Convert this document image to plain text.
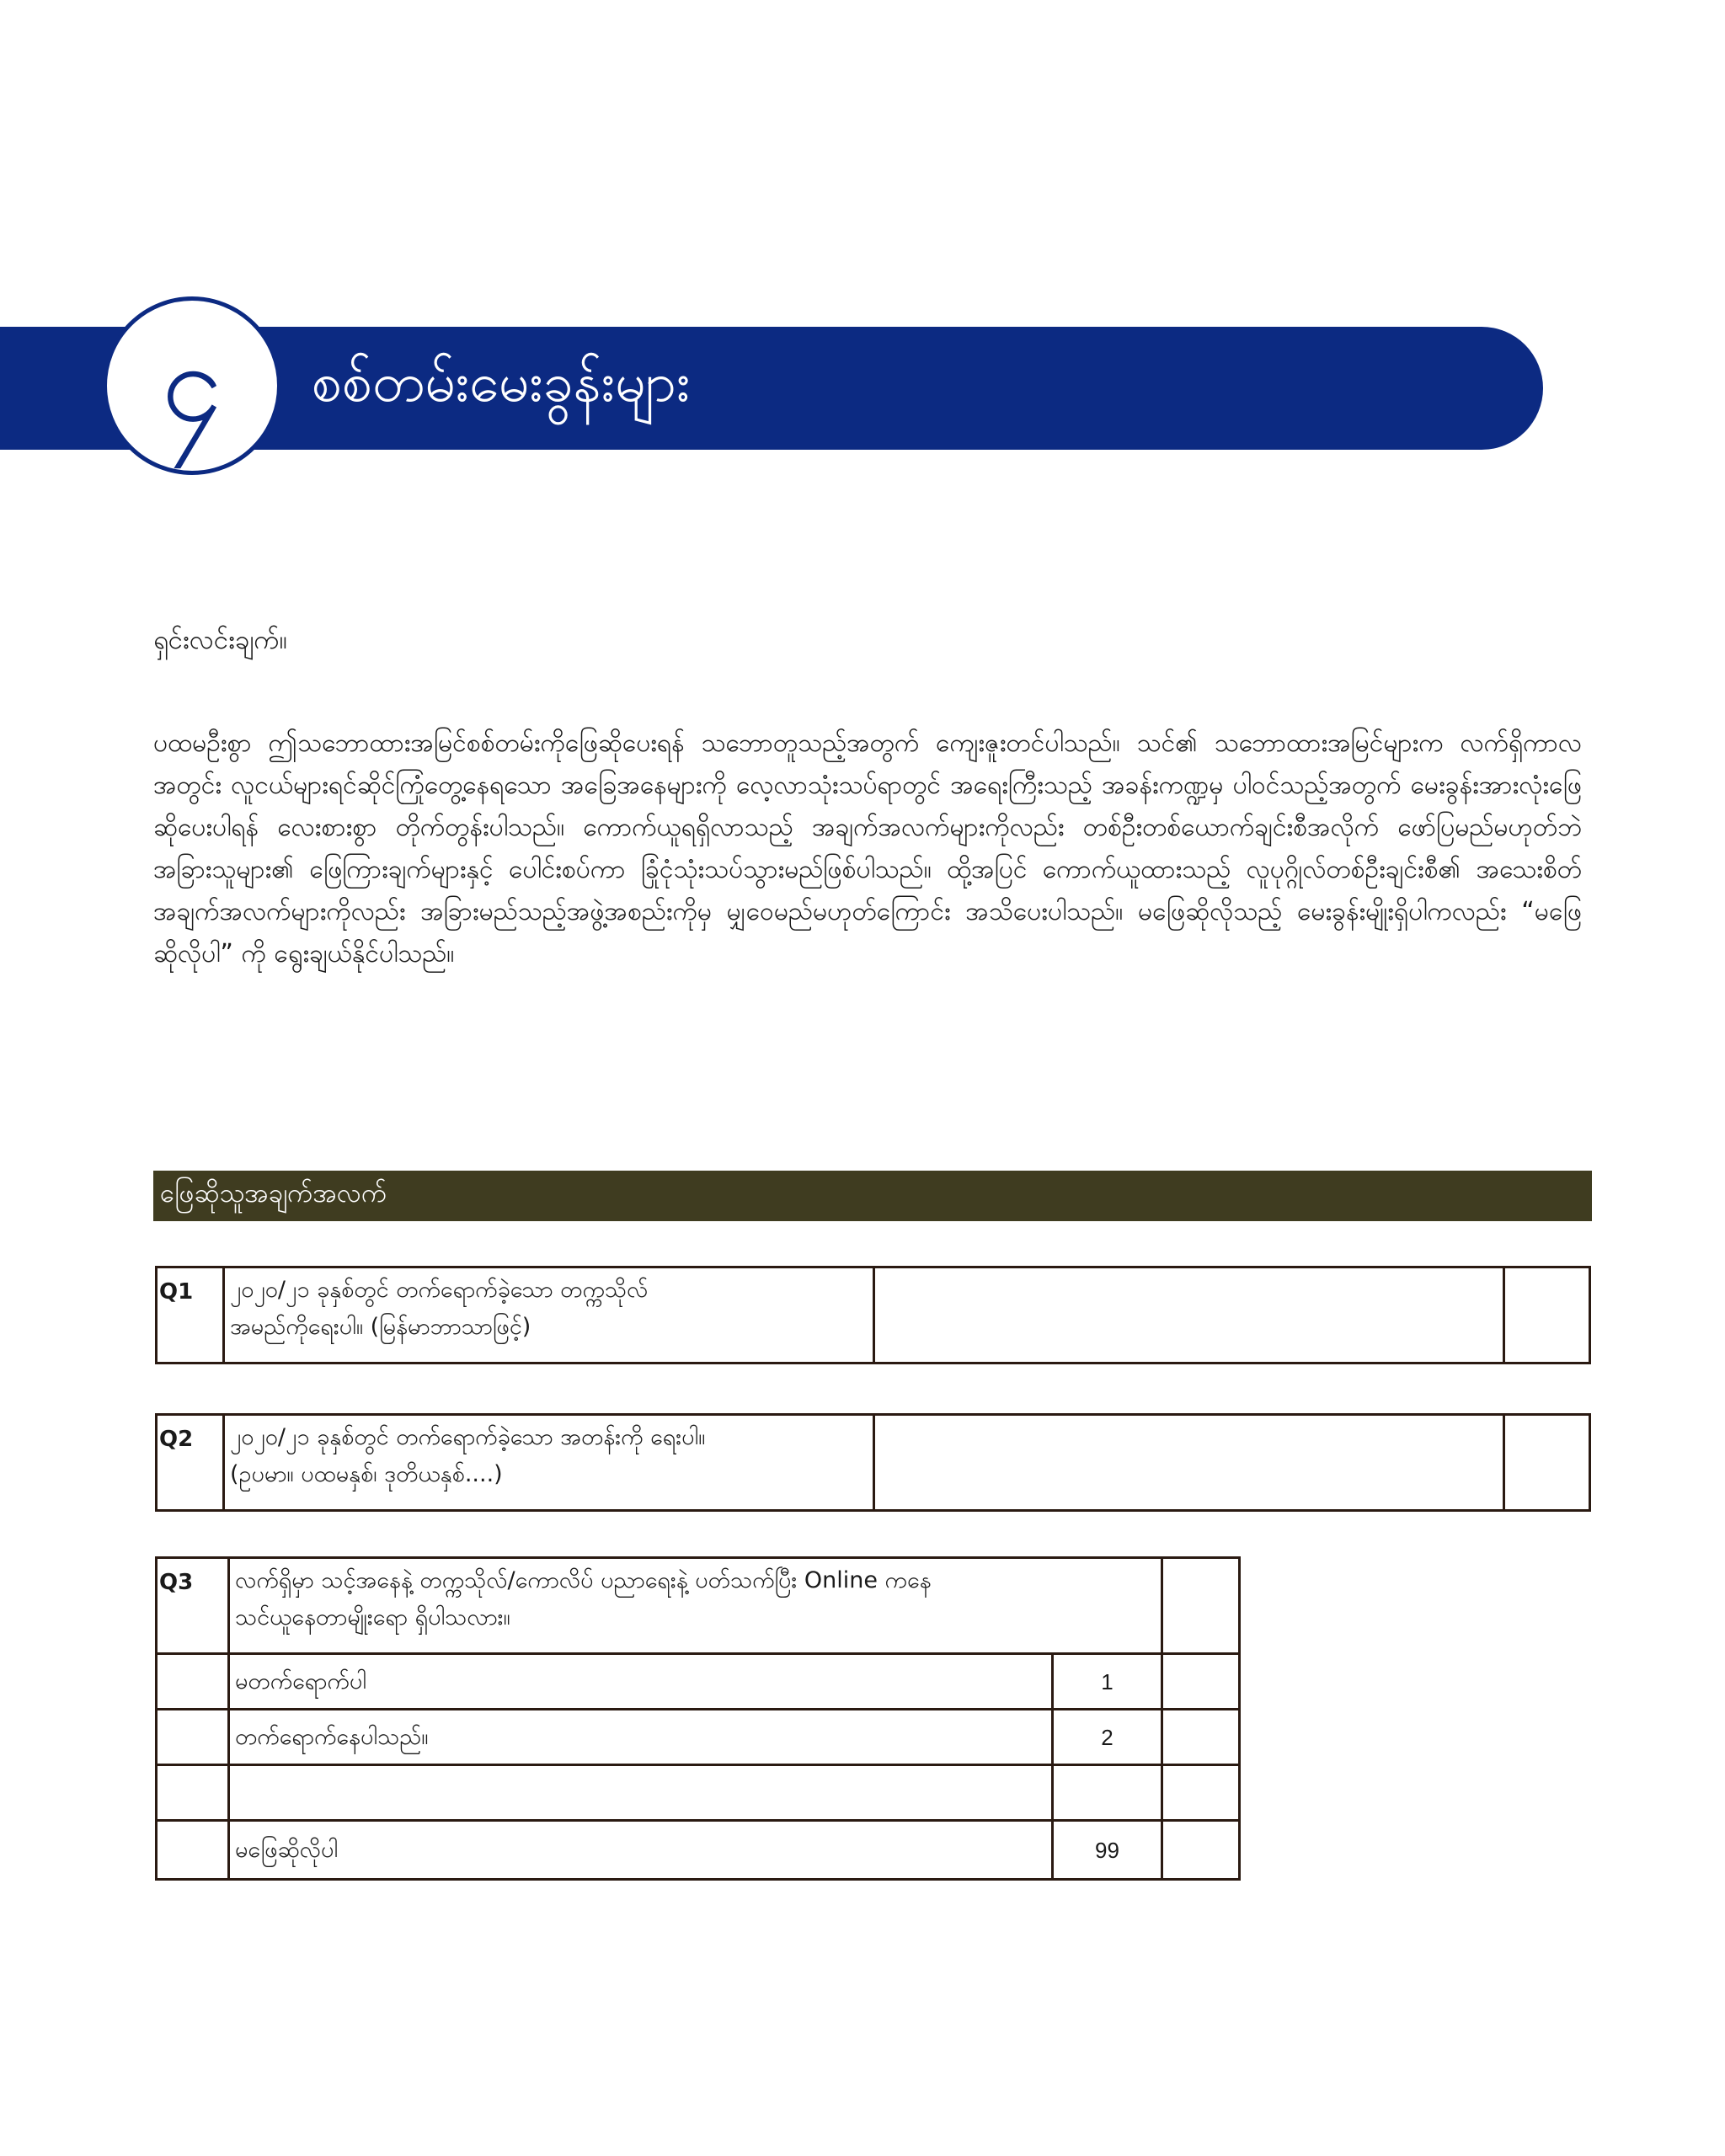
၄ စစ်တမ်းမေးခွန်းများ
ရှင်းလင်းချက်။
ပထမဦးစွာ ဤသဘောထားအမြင်စစ်တမ်းကိုဖြေဆိုပေးရန် သဘောတူသည့်အတွက် ကျေးဇူးတင်ပါသည်။ သင်၏ သဘောထားအမြင်များက လက်ရှိကာလအတွင်း လူငယ်များရင်ဆိုင်ကြုံတွေ့နေရသော အခြေအနေများကို လေ့လာသုံးသပ်ရာတွင် အရေးကြီးသည့် အခန်းကဏ္ဍမှ ပါဝင်သည့်အတွက် မေးခွန်းအားလုံးဖြေဆိုပေးပါရန် လေးစားစွာ တိုက်တွန်းပါသည်။ ကောက်ယူရရှိလာသည့် အချက်အလက်များကိုလည်း တစ်ဦးတစ်ယောက်ချင်းစီအလိုက် ဖော်ပြမည်မဟုတ်ဘဲ အခြားသူများ၏ ဖြေကြားချက်များနှင့် ပေါင်းစပ်ကာ ခြုံငုံသုံးသပ်သွားမည်ဖြစ်ပါသည်။ ထို့အပြင် ကောက်ယူထားသည့် လူပုဂ္ဂိုလ်တစ်ဦးချင်းစီ၏ အသေးစိတ်အချက်အလက်များကိုလည်း အခြားမည်သည့်အဖွဲ့အစည်းကိုမှ မျှဝေမည်မဟုတ်ကြောင်း အသိပေးပါသည်။ မဖြေဆိုလိုသည့် မေးခွန်းမျိုးရှိပါကလည်း “မဖြေဆိုလိုပါ” ကို ရွေးချယ်နိုင်ပါသည်။
ဖြေဆိုသူအချက်အလက်
Q1	၂၀၂၀/၂၁ ခုနှစ်တွင် တက်ရောက်ခဲ့သော တက္ကသိုလ်
အမည်ကိုရေးပါ။ (မြန်မာဘာသာဖြင့်)

Q2	၂၀၂၀/၂၁ ခုနှစ်တွင် တက်ရောက်ခဲ့သော အတန်းကို ရေးပါ။
(ဥပမာ။ ပထမနှစ်၊ ဒုတိယနှစ်....)

Q3	လက်ရှိမှာ သင့်အနေနဲ့ တက္ကသိုလ်/ကောလိပ် ပညာရေးနဲ့ ပတ်သက်ပြီး Online ကနေ
သင်ယူနေတာမျိုးရော ရှိပါသလား။		

	မတက်ရောက်ပါ	1	
	တက်ရောက်နေပါသည်။	2	

	မဖြေဆိုလိုပါ	99	
